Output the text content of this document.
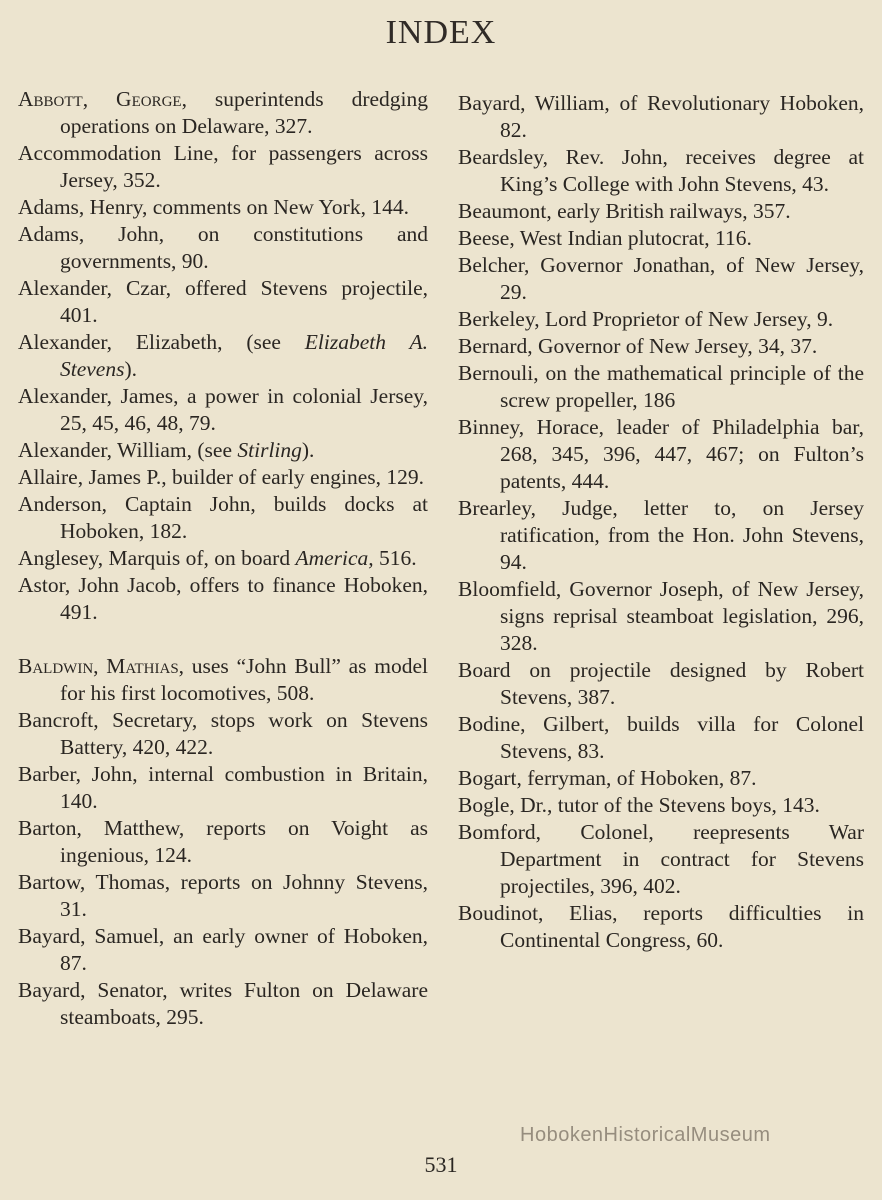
INDEX
Abbott, George, superintends dredging operations on Delaware, 327.
Accommodation Line, for passengers across Jersey, 352.
Adams, Henry, comments on New York, 144.
Adams, John, on constitutions and governments, 90.
Alexander, Czar, offered Stevens projectile, 401.
Alexander, Elizabeth, (see Elizabeth A. Stevens).
Alexander, James, a power in colonial Jersey, 25, 45, 46, 48, 79.
Alexander, William, (see Stirling).
Allaire, James P., builder of early engines, 129.
Anderson, Captain John, builds docks at Hoboken, 182.
Anglesey, Marquis of, on board America, 516.
Astor, John Jacob, offers to finance Hoboken, 491.
Baldwin, Mathias, uses “John Bull” as model for his first locomotives, 508.
Bancroft, Secretary, stops work on Stevens Battery, 420, 422.
Barber, John, internal combustion in Britain, 140.
Barton, Matthew, reports on Voight as ingenious, 124.
Bartow, Thomas, reports on Johnny Stevens, 31.
Bayard, Samuel, an early owner of Hoboken, 87.
Bayard, Senator, writes Fulton on Delaware steamboats, 295.
Bayard, William, of Revolutionary Hoboken, 82.
Beardsley, Rev. John, receives degree at King’s College with John Stevens, 43.
Beaumont, early British railways, 357.
Beese, West Indian plutocrat, 116.
Belcher, Governor Jonathan, of New Jersey, 29.
Berkeley, Lord Proprietor of New Jersey, 9.
Bernard, Governor of New Jersey, 34, 37.
Bernouli, on the mathematical principle of the screw propeller, 186
Binney, Horace, leader of Philadelphia bar, 268, 345, 396, 447, 467; on Fulton’s patents, 444.
Brearley, Judge, letter to, on Jersey ratification, from the Hon. John Stevens, 94.
Bloomfield, Governor Joseph, of New Jersey, signs reprisal steamboat legislation, 296, 328.
Board on projectile designed by Robert Stevens, 387.
Bodine, Gilbert, builds villa for Colonel Stevens, 83.
Bogart, ferryman, of Hoboken, 87.
Bogle, Dr., tutor of the Stevens boys, 143.
Bomford, Colonel, reepresents War Department in contract for Stevens projectiles, 396, 402.
Boudinot, Elias, reports difficulties in Continental Congress, 60.
HobokenHistoricalMuseum
531
